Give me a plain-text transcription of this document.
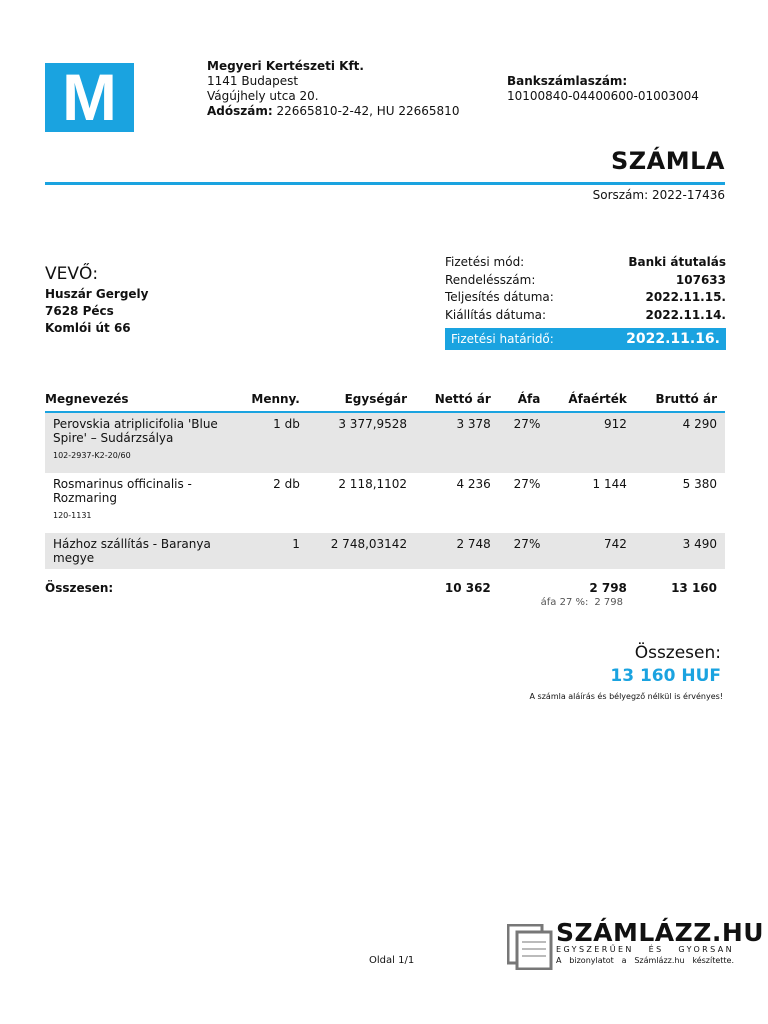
M	Megyeri Kertészeti Kft.
1141 Budapest
Vágújhely utca 20.
Adószám: 22665810-2-42, HU 22665810
Bankszámlaszám:
10100840-04400600-01003004
SZÁMLA
Sorszám: 2022-17436
VEVŐ:
Huszár Gergely
7628 Pécs
Komlói út 66
Fizetési mód:	Banki átutalás
Rendelésszám:	107633
Teljesítés dátuma:	2022.11.15.
Kiállítás dátuma:	2022.11.14.
Fizetési határidő:	2022.11.16.
Megnevezés	Menny.	Egységár	Nettó ár	Áfa	Áfaérték	Bruttó ár

Perovskia atriplicifolia 'Blue Spire' – Sudárzsálya
102-2937-K2-20/60	1 db	3 377,9528	3 378	27%	912	4 290

Rosmarinus officinalis - Rozmaring
120-1131	2 db	2 118,1102	4 236	27%	1 144	5 380

Házhoz szállítás - Baranya megye	1	2 748,03142	2 748	27%	742	3 490
Összesen:			10 362		2 798	13 160
áfa 27 %: 2 798
Összesen:
13 160 HUF
A számla aláírás és bélyegző nélkül is érvényes!
Oldal 1/1
SZÁMLÁZZ.HU
EGYSZERŰEN ÉS GYORSAN
A bizonylatot a Számlázz.hu készítette.
